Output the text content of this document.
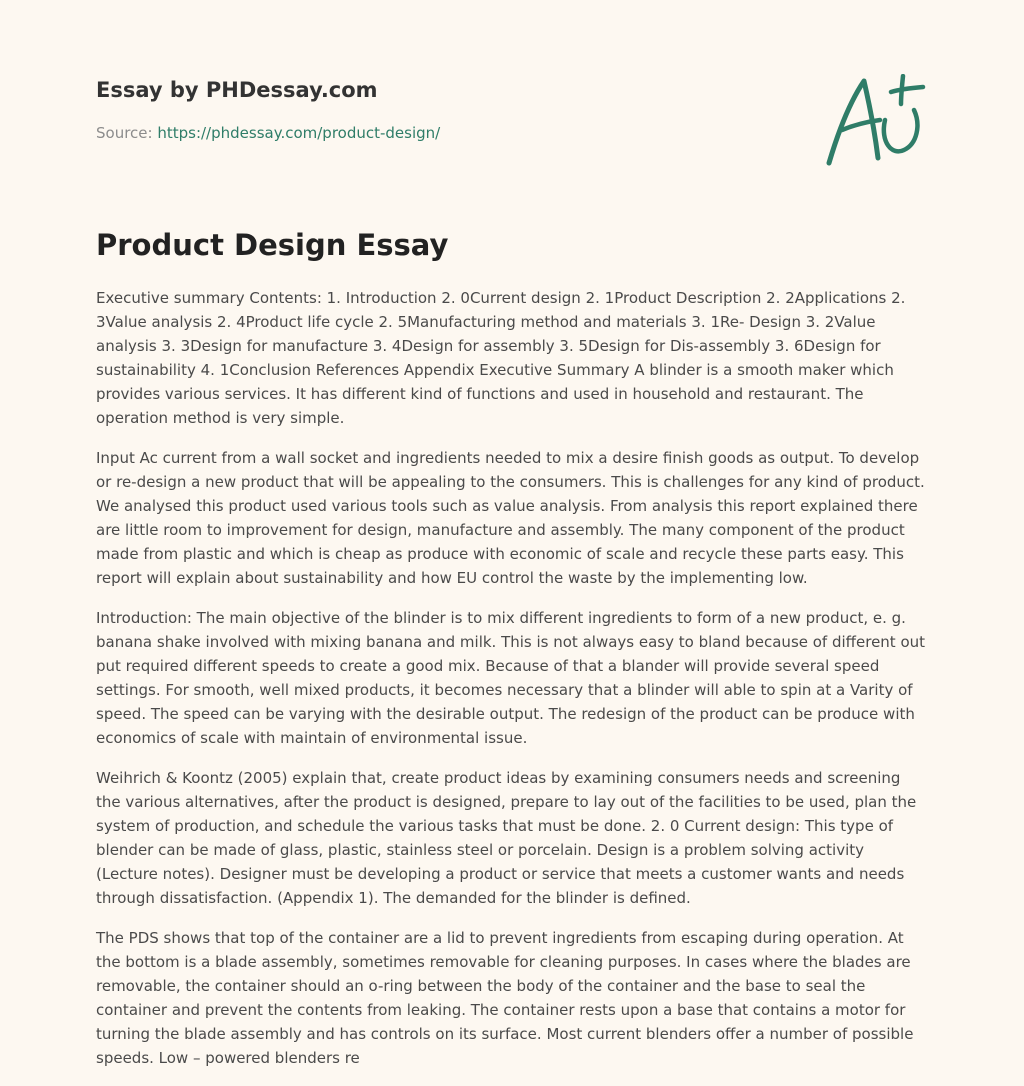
Essay by PHDessay.com
Source: https://phdessay.com/product-design/
Product Design Essay

Executive summary Contents: 1. Introduction 2. 0Current design 2. 1Product Description 2. 2Applications 2. 3Value analysis 2. 4Product life cycle 2. 5Manufacturing method and materials 3. 1Re- Design 3. 2Value analysis 3. 3Design for manufacture 3. 4Design for assembly 3. 5Design for Dis-assembly 3. 6Design for sustainability 4. 1Conclusion References Appendix Executive Summary A blinder is a smooth maker which provides various services. It has different kind of functions and used in household and restaurant. The operation method is very simple.

Input Ac current from a wall socket and ingredients needed to mix a desire finish goods as output. To develop or re-design a new product that will be appealing to the consumers. This is challenges for any kind of product. We analysed this product used various tools such as value analysis. From analysis this report explained there are little room to improvement for design, manufacture and assembly. The many component of the product made from plastic and which is cheap as produce with economic of scale and recycle these parts easy. This report will explain about sustainability and how EU control the waste by the implementing low.

Introduction: The main objective of the blinder is to mix different ingredients to form of a new product, e. g. banana shake involved with mixing banana and milk. This is not always easy to bland because of different out put required different speeds to create a good mix. Because of that a blander will provide several speed settings. For smooth, well mixed products, it becomes necessary that a blinder will able to spin at a Varity of speed. The speed can be varying with the desirable output. The redesign of the product can be produce with economics of scale with maintain of environmental issue.

Weihrich & Koontz (2005) explain that, create product ideas by examining consumers needs and screening the various alternatives, after the product is designed, prepare to lay out of the facilities to be used, plan the system of production, and schedule the various tasks that must be done. 2. 0 Current design: This type of blender can be made of glass, plastic, stainless steel or porcelain. Design is a problem solving activity (Lecture notes). Designer must be developing a product or service that meets a customer wants and needs through dissatisfaction. (Appendix 1). The demanded for the blinder is defined.

The PDS shows that top of the container are a lid to prevent ingredients from escaping during operation. At the bottom is a blade assembly, sometimes removable for cleaning purposes. In cases where the blades are removable, the container should an o-ring between the body of the container and the base to seal the container and prevent the contents from leaking. The container rests upon a base that contains a motor for turning the blade assembly and has controls on its surface. Most current blenders offer a number of possible speeds. Low – powered blenders re
